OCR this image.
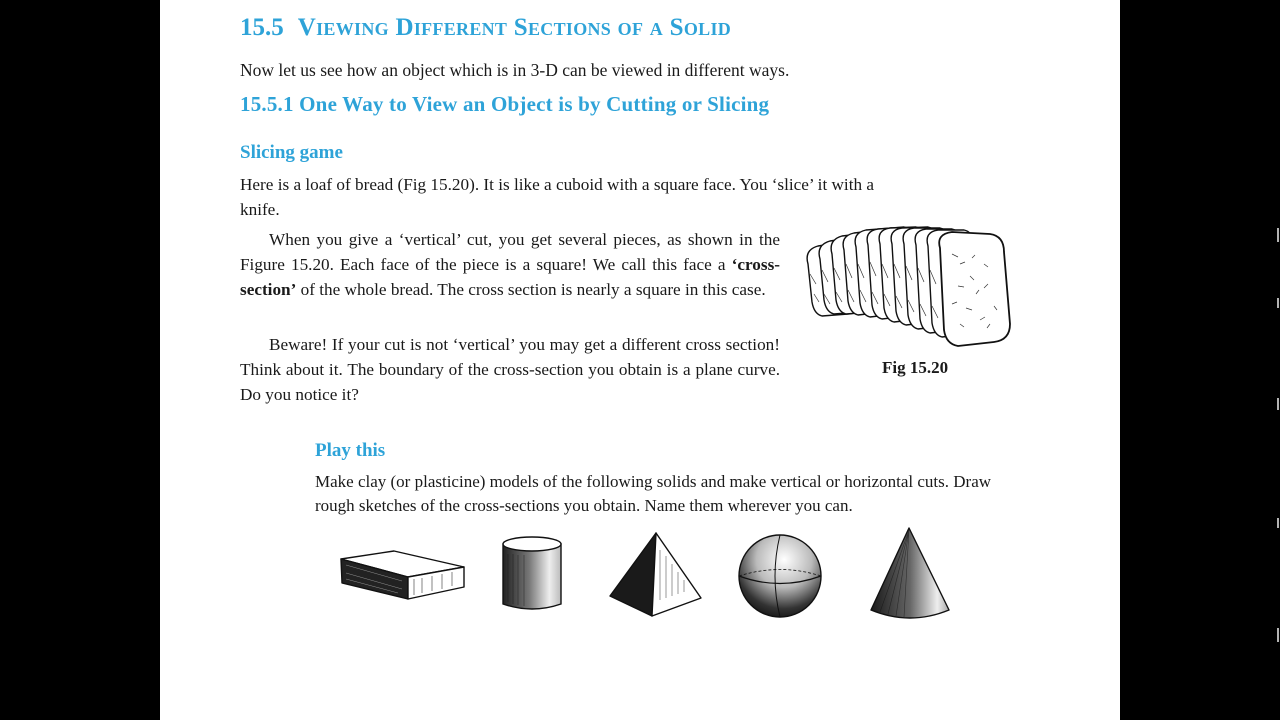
15.5 Viewing Different Sections of a Solid
Now let us see how an object which is in 3-D can be viewed in different ways.
15.5.1 One Way to View an Object is by Cutting or Slicing
Slicing game
Here is a loaf of bread (Fig 15.20). It is like a cuboid with a square face. You ‘slice’ it with a knife.
When you give a ‘vertical’ cut, you get several pieces, as shown in the Figure 15.20. Each face of the piece is a square! We call this face a ‘cross-section’ of the whole bread. The cross section is nearly a square in this case.
Beware! If your cut is not ‘vertical’ you may get a different cross section! Think about it. The boundary of the cross-section you obtain is a plane curve. Do you notice it?
Fig 15.20
Play this
Make clay (or plasticine) models of the following solids and make vertical or horizontal cuts. Draw rough sketches of the cross-sections you obtain. Name them wherever you can.
